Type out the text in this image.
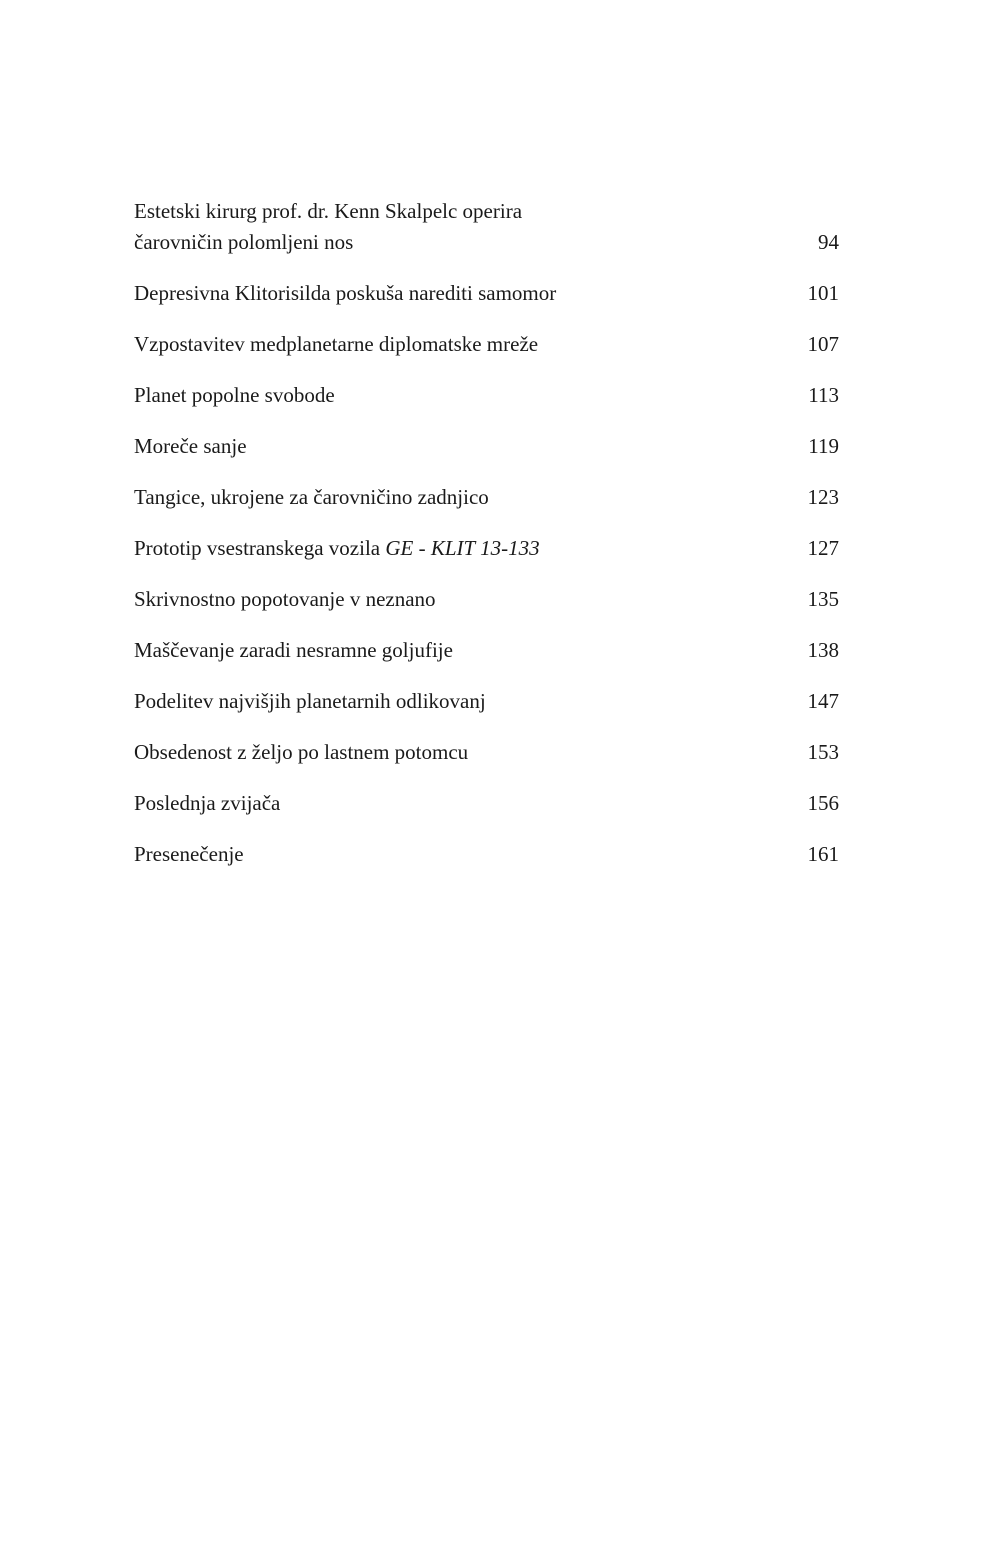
Estetski kirurg prof. dr. Kenn Skalpelc operira
čarovničin polomljeni nos	94
Depresivna Klitorisilda poskuša narediti samomor	101
Vzpostavitev medplanetarne diplomatske mreže	107
Planet popolne svobode	113
Moreče sanje	119
Tangice, ukrojene za čarovničino zadnjico	123
Prototip vsestranskega vozila GE - KLIT 13-133	127
Skrivnostno popotovanje v neznano	135
Maščevanje zaradi nesramne goljufije	138
Podelitev najvišjih planetarnih odlikovanj	147
Obsedenost z željo po lastnem potomcu	153
Poslednja zvijača	156
Presenečenje	161
